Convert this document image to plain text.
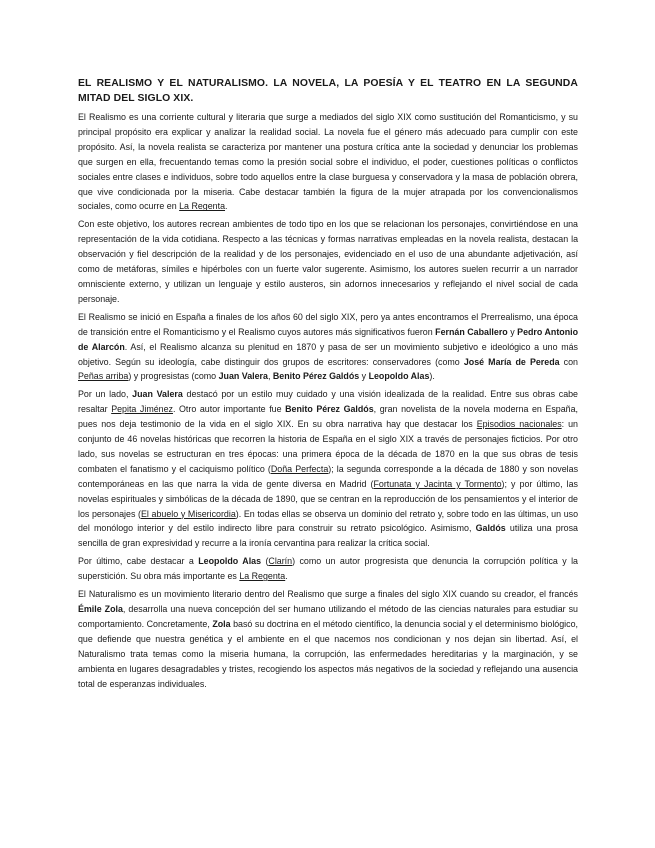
EL REALISMO Y EL NATURALISMO. LA NOVELA, LA POESÍA Y EL TEATRO EN LA SEGUNDA MITAD DEL SIGLO XIX.

El Realismo es una corriente cultural y literaria que surge a mediados del siglo XIX como sustitución del Romanticismo, y su principal propósito era explicar y analizar la realidad social. La novela fue el género más adecuado para cumplir con este propósito. Así, la novela realista se caracteriza por mantener una postura crítica ante la sociedad y denunciar los problemas que surgen en ella, frecuentando temas como la presión social sobre el individuo, el poder, cuestiones políticas o conflictos sociales entre clases e individuos, sobre todo aquellos entre la clase burguesa y conservadora y la masa de población obrera, que vive condicionada por la miseria. Cabe destacar también la figura de la mujer atrapada por los convencionalismos sociales, como ocurre en La Regenta.

Con este objetivo, los autores recrean ambientes de todo tipo en los que se relacionan los personajes, convirtiéndose en una representación de la vida cotidiana. Respecto a las técnicas y formas narrativas empleadas en la novela realista, destacan la observación y fiel descripción de la realidad y de los personajes, evidenciado en el uso de una abundante adjetivación, así como de metáforas, símiles e hipérboles con un fuerte valor sugerente. Asimismo, los autores suelen recurrir a un narrador omnisciente externo, y utilizan un lenguaje y estilo austeros, sin adornos innecesarios y reflejando el nivel social de cada personaje.

El Realismo se inició en España a finales de los años 60 del siglo XIX, pero ya antes encontramos el Prerrealismo, una época de transición entre el Romanticismo y el Realismo cuyos autores más significativos fueron Fernán Caballero y Pedro Antonio de Alarcón. Así, el Realismo alcanza su plenitud en 1870 y pasa de ser un movimiento subjetivo e ideológico a uno más objetivo. Según su ideología, cabe distinguir dos grupos de escritores: conservadores (como José María de Pereda con Peñas arriba) y progresistas (como Juan Valera, Benito Pérez Galdós y Leopoldo Alas).

Por un lado, Juan Valera destacó por un estilo muy cuidado y una visión idealizada de la realidad. Entre sus obras cabe resaltar Pepita Jiménez. Otro autor importante fue Benito Pérez Galdós, gran novelista de la novela moderna en España, pues nos deja testimonio de la vida en el siglo XIX. En su obra narrativa hay que destacar los Episodios nacionales: un conjunto de 46 novelas históricas que recorren la historia de España en el siglo XIX a través de personajes ficticios. Por otro lado, sus novelas se estructuran en tres épocas: una primera época de la década de 1870 en la que sus obras de tesis combaten el fanatismo y el caciquismo político (Doña Perfecta); la segunda corresponde a la década de 1880 y son novelas contemporáneas en las que narra la vida de gente diversa en Madrid (Fortunata y Jacinta y Tormento); y por último, las novelas espirituales y simbólicas de la década de 1890, que se centran en la reproducción de los pensamientos y el interior de los personajes (El abuelo y Misericordia). En todas ellas se observa un dominio del retrato y, sobre todo en las últimas, un uso del monólogo interior y del estilo indirecto libre para construir su retrato psicológico. Asimismo, Galdós utiliza una prosa sencilla de gran expresividad y recurre a la ironía cervantina para realizar la crítica social.

Por último, cabe destacar a Leopoldo Alas (Clarín) como un autor progresista que denuncia la corrupción política y la superstición. Su obra más importante es La Regenta.

El Naturalismo es un movimiento literario dentro del Realismo que surge a finales del siglo XIX cuando su creador, el francés Émile Zola, desarrolla una nueva concepción del ser humano utilizando el método de las ciencias naturales para estudiar su comportamiento. Concretamente, Zola basó su doctrina en el método científico, la denuncia social y el determinismo biológico, que defiende que nuestra genética y el ambiente en el que nacemos nos condicionan y nos dejan sin libertad. Así, el Naturalismo trata temas como la miseria humana, la corrupción, las enfermedades hereditarias y la marginación, y se ambienta en lugares desagradables y tristes, recogiendo los aspectos más negativos de la sociedad y reflejando una ausencia total de esperanzas individuales.
